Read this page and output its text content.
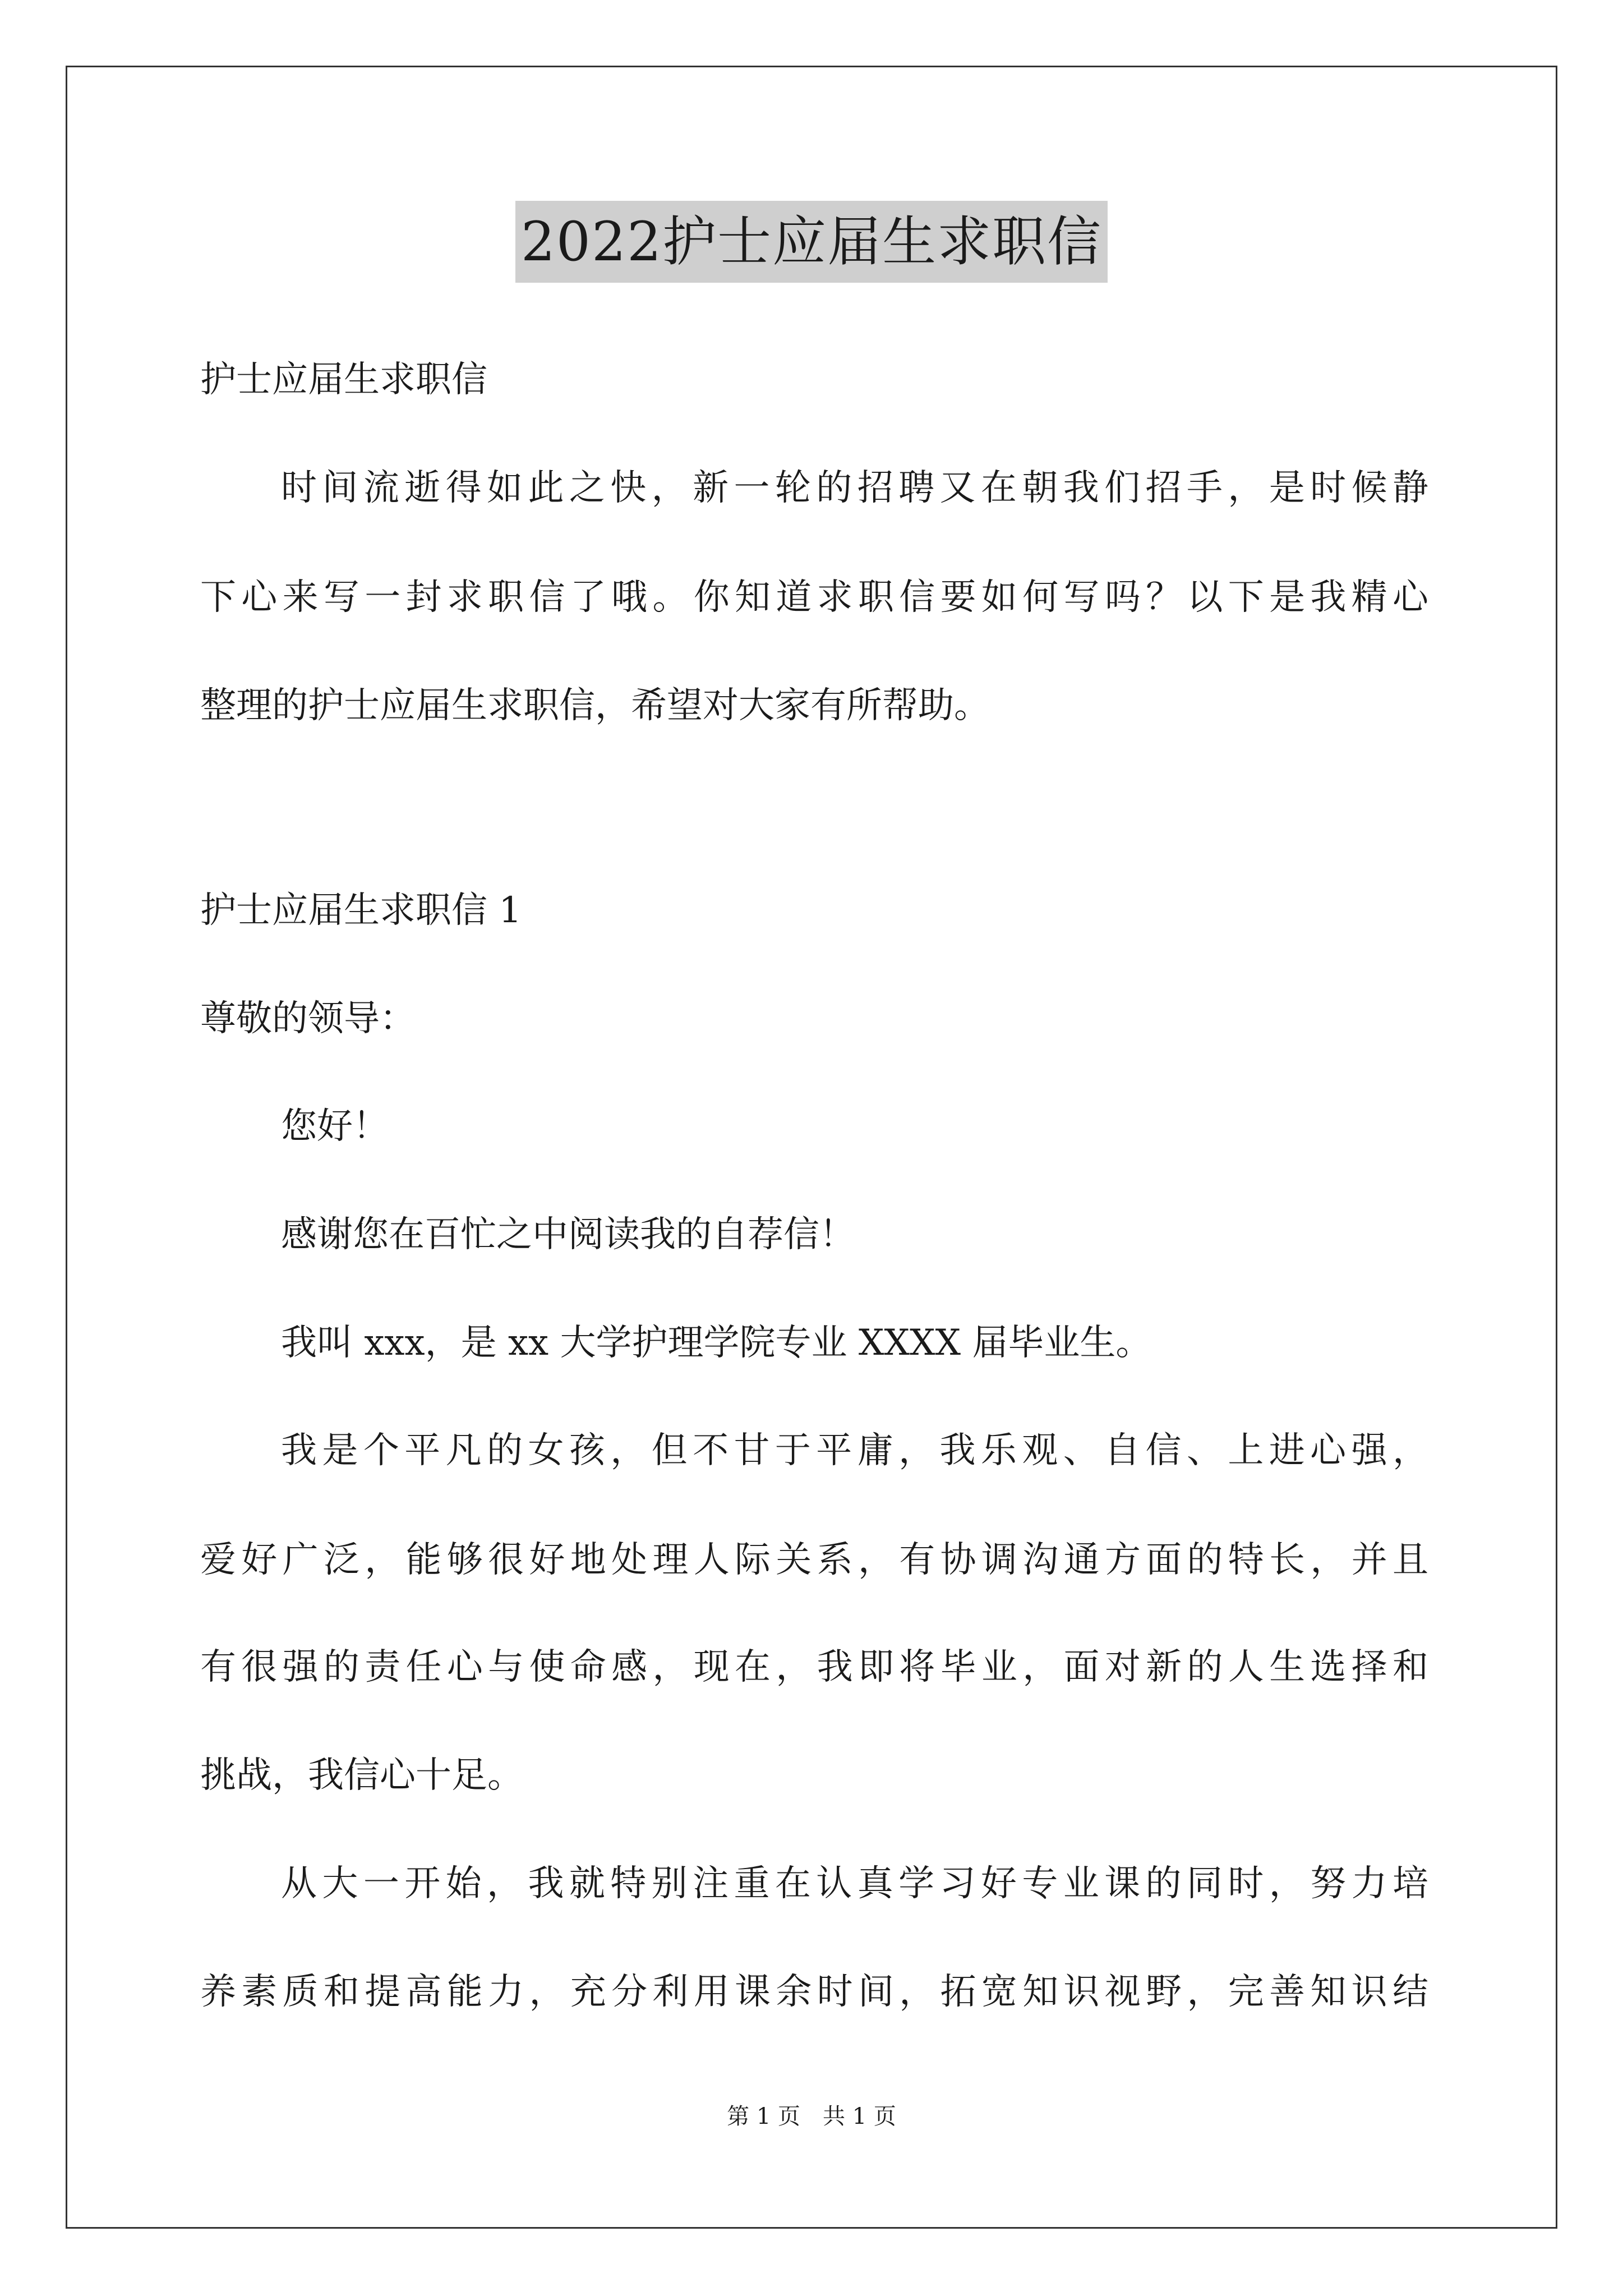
2022护士应届生求职信
护士应届生求职信
时间流逝得如此之快，新一轮的招聘又在朝我们招手，是时候静
下心来写一封求职信了哦。你知道求职信要如何写吗？以下是我精心
整理的护士应届生求职信，希望对大家有所帮助。
护士应届生求职信 1
尊敬的领导：
您好！
感谢您在百忙之中阅读我的自荐信！
我叫 xxx，是 xx 大学护理学院专业 XXXX 届毕业生。
我是个平凡的女孩，但不甘于平庸，我乐观、自信、上进心强，
爱好广泛，能够很好地处理人际关系，有协调沟通方面的特长，并且
有很强的责任心与使命感，现在，我即将毕业，面对新的人生选择和
挑战，我信心十足。
从大一开始，我就特别注重在认真学习好专业课的同时，努力培
养素质和提高能力，充分利用课余时间，拓宽知识视野，完善知识结
第 1 页　共 1 页
